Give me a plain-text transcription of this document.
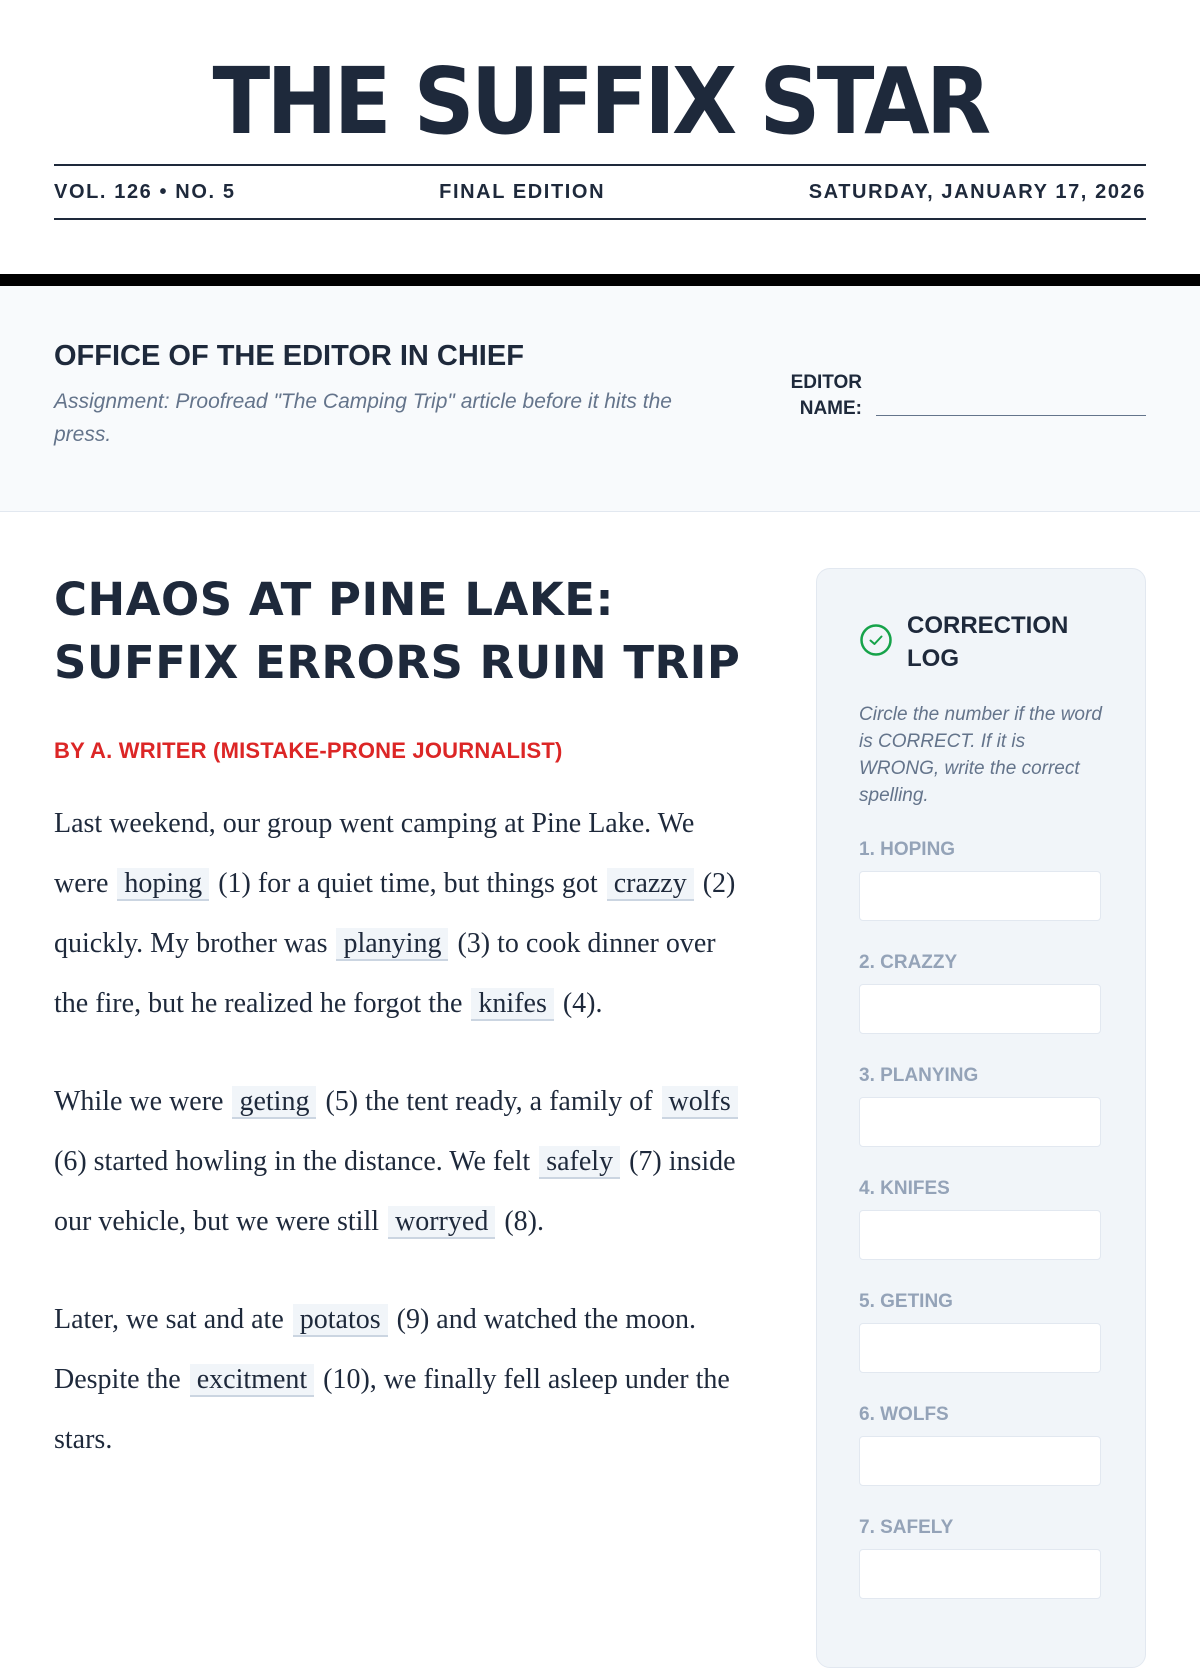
THE SUFFIX STAR
VOL. 126 • NO. 5	FINAL EDITION	SATURDAY, JANUARY 17, 2026
OFFICE OF THE EDITOR IN CHIEF
Assignment: Proofread "The Camping Trip" article before it hits the press.
EDITOR
NAME:
CHAOS AT PINE LAKE: SUFFIX ERRORS RUIN TRIP
BY A. WRITER (MISTAKE-PRONE JOURNALIST)

Last weekend, our group went camping at Pine Lake. We were hoping (1) for a quiet time, but things got crazzy (2) quickly. My brother was planying (3) to cook dinner over the fire, but he realized he forgot the knifes (4).

While we were geting (5) the tent ready, a family of wolfs (6) started howling in the distance. We felt safely (7) inside our vehicle, but we were still worryed (8).

Later, we sat and ate potatos (9) and watched the moon. Despite the excitment (10), we finally fell asleep under the stars.

CORRECTION LOG
Circle the number if the word is CORRECT. If it is WRONG, write the correct spelling.
1. HOPING
2. CRAZZY
3. PLANYING
4. KNIFES
5. GETING
6. WOLFS
7. SAFELY
